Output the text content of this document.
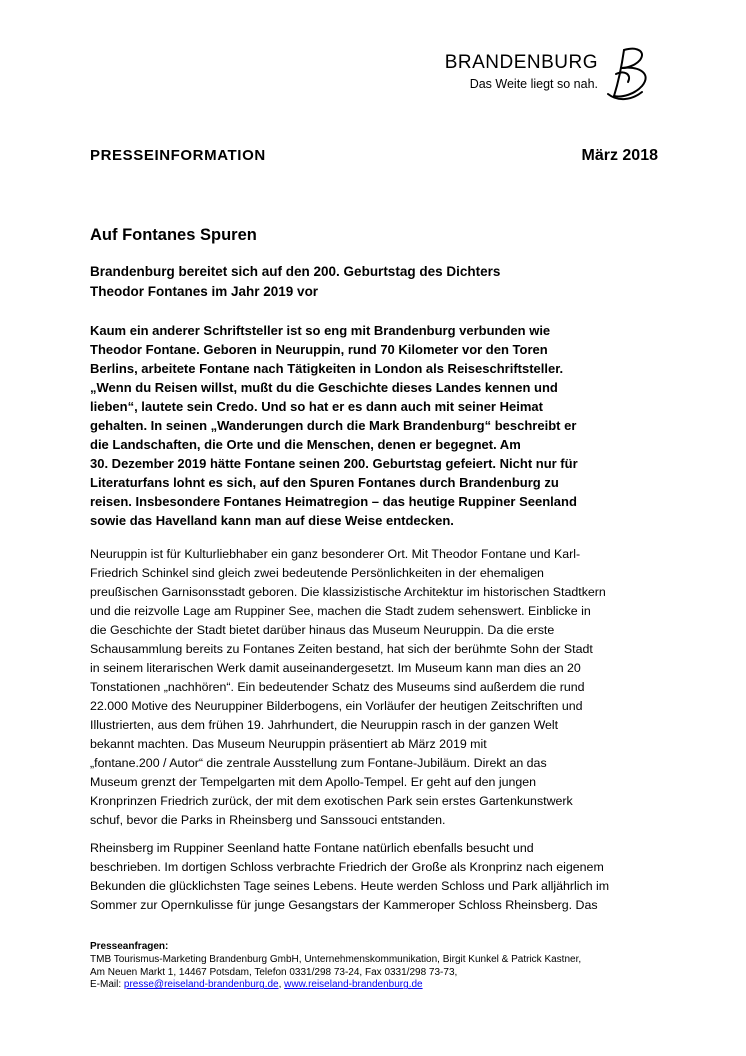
BRANDENBURG
Das Weite liegt so nah.
PRESSEINFORMATION	März 2018
Auf Fontanes Spuren

Brandenburg bereitet sich auf den 200. Geburtstag des Dichters
Theodor Fontanes im Jahr 2019 vor

Kaum ein anderer Schriftsteller ist so eng mit Brandenburg verbunden wie
Theodor Fontane. Geboren in Neuruppin, rund 70 Kilometer vor den Toren
Berlins, arbeitete Fontane nach Tätigkeiten in London als Reiseschriftsteller.
„Wenn du Reisen willst, mußt du die Geschichte dieses Landes kennen und
lieben“, lautete sein Credo. Und so hat er es dann auch mit seiner Heimat
gehalten. In seinen „Wanderungen durch die Mark Brandenburg“ beschreibt er
die Landschaften, die Orte und die Menschen, denen er begegnet. Am
30. Dezember 2019 hätte Fontane seinen 200. Geburtstag gefeiert. Nicht nur für
Literaturfans lohnt es sich, auf den Spuren Fontanes durch Brandenburg zu
reisen. Insbesondere Fontanes Heimatregion – das heutige Ruppiner Seenland
sowie das Havelland kann man auf diese Weise entdecken.

Neuruppin ist für Kulturliebhaber ein ganz besonderer Ort. Mit Theodor Fontane und Karl-
Friedrich Schinkel sind gleich zwei bedeutende Persönlichkeiten in der ehemaligen
preußischen Garnisonsstadt geboren. Die klassizistische Architektur im historischen Stadtkern
und die reizvolle Lage am Ruppiner See, machen die Stadt zudem sehenswert. Einblicke in
die Geschichte der Stadt bietet darüber hinaus das Museum Neuruppin. Da die erste
Schausammlung bereits zu Fontanes Zeiten bestand, hat sich der berühmte Sohn der Stadt
in seinem literarischen Werk damit auseinandergesetzt. Im Museum kann man dies an 20
Tonstationen „nachhören“. Ein bedeutender Schatz des Museums sind außerdem die rund
22.000 Motive des Neuruppiner Bilderbogens, ein Vorläufer der heutigen Zeitschriften und
Illustrierten, aus dem frühen 19. Jahrhundert, die Neuruppin rasch in der ganzen Welt
bekannt machten. Das Museum Neuruppin präsentiert ab März 2019 mit
„fontane.200 / Autor“ die zentrale Ausstellung zum Fontane-Jubiläum. Direkt an das
Museum grenzt der Tempelgarten mit dem Apollo-Tempel. Er geht auf den jungen
Kronprinzen Friedrich zurück, der mit dem exotischen Park sein erstes Gartenkunstwerk
schuf, bevor die Parks in Rheinsberg und Sanssouci entstanden.

Rheinsberg im Ruppiner Seenland hatte Fontane natürlich ebenfalls besucht und
beschrieben. Im dortigen Schloss verbrachte Friedrich der Große als Kronprinz nach eigenem
Bekunden die glücklichsten Tage seines Lebens. Heute werden Schloss und Park alljährlich im
Sommer zur Opernkulisse für junge Gesangstars der Kammeroper Schloss Rheinsberg. Das

Presseanfragen:
TMB Tourismus-Marketing Brandenburg GmbH, Unternehmenskommunikation, Birgit Kunkel & Patrick Kastner,
Am Neuen Markt 1, 14467 Potsdam, Telefon 0331/298 73-24, Fax 0331/298 73-73,
E-Mail: presse@reiseland-brandenburg.de, www.reiseland-brandenburg.de
